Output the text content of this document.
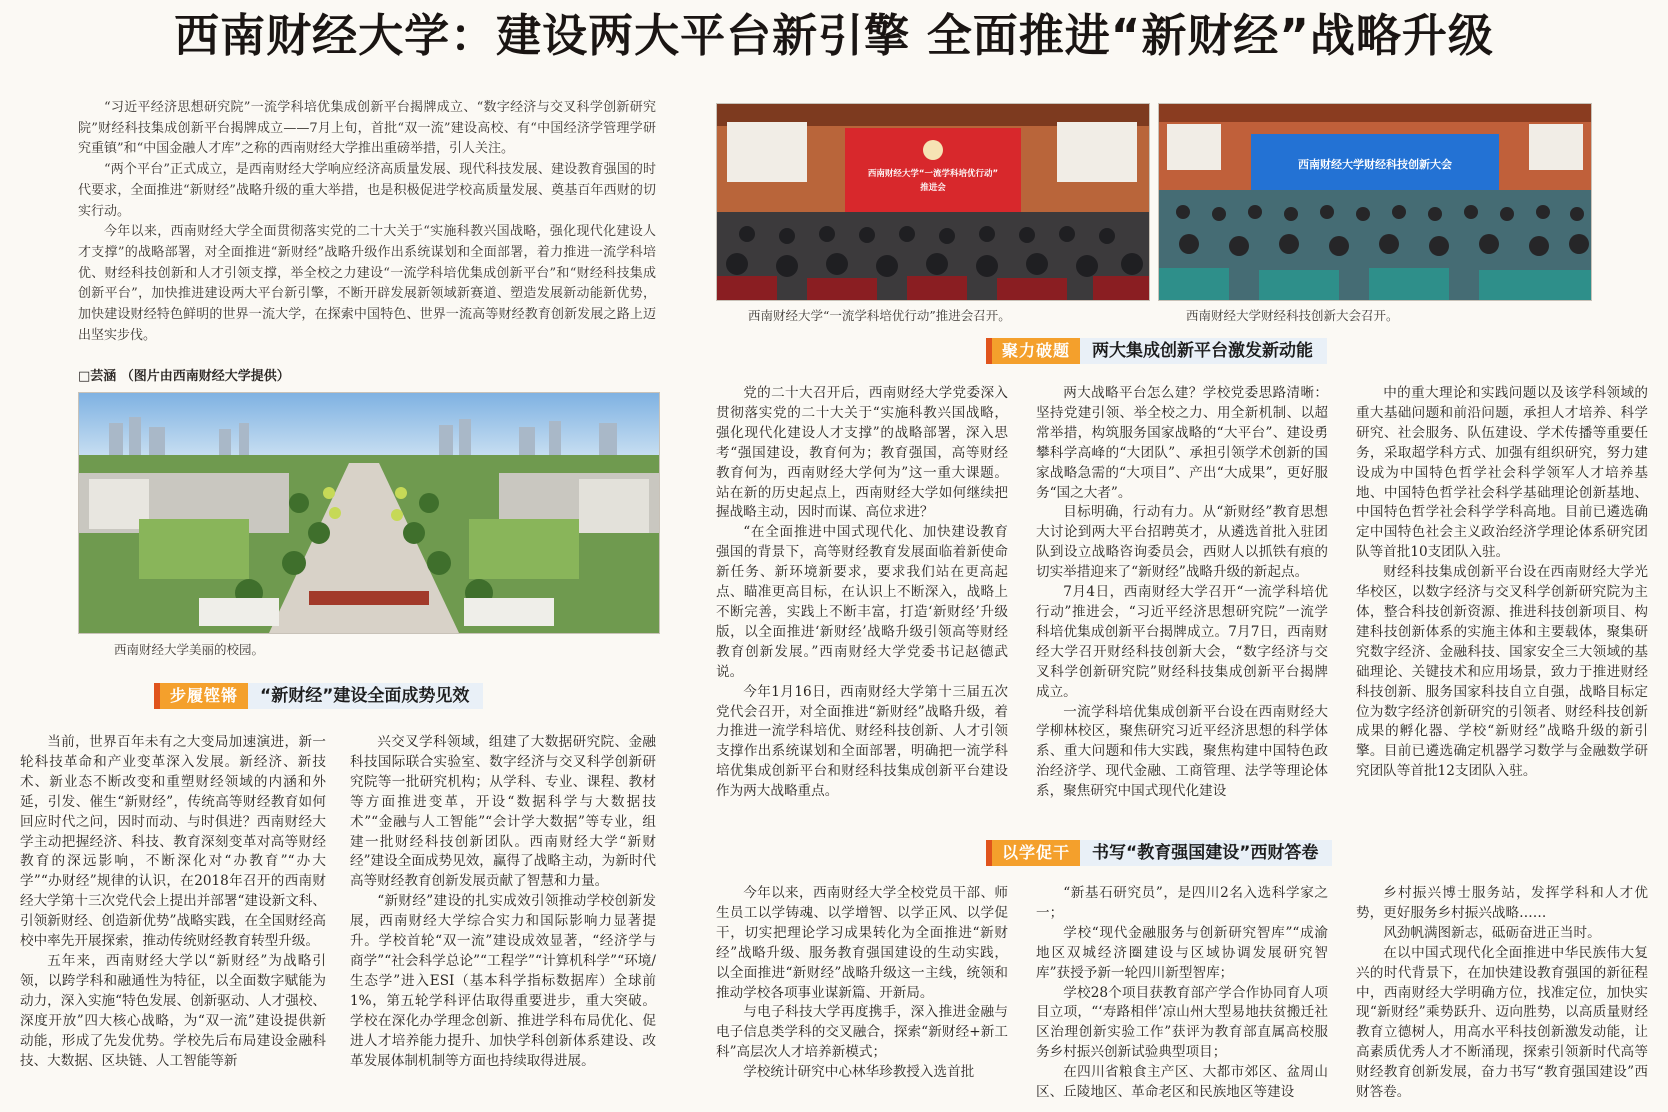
西南财经大学：建设两大平台新引擎 全面推进“新财经”战略升级

“习近平经济思想研究院”一流学科培优集成创新平台揭牌成立、“数字经济与交叉科学创新研究院”财经科技集成创新平台揭牌成立——7月上旬，首批“双一流”建设高校、有“中国经济学管理学研究重镇”和“中国金融人才库”之称的西南财经大学推出重磅举措，引人关注。

“两个平台”正式成立，是西南财经大学响应经济高质量发展、现代科技发展、建设教育强国的时代要求，全面推进“新财经”战略升级的重大举措，也是积极促进学校高质量发展、奠基百年西财的切实行动。

今年以来，西南财经大学全面贯彻落实党的二十大关于“实施科教兴国战略，强化现代化建设人才支撑”的战略部署，对全面推进“新财经”战略升级作出系统谋划和全面部署，着力推进一流学科培优、财经科技创新和人才引领支撑，举全校之力建设“一流学科培优集成创新平台”和“财经科技集成创新平台”，加快推进建设两大平台新引擎，不断开辟发展新领域新赛道、塑造发展新动能新优势，加快建设财经特色鲜明的世界一流大学，在探索中国特色、世界一流高等财经教育创新发展之路上迈出坚实步伐。

□芸涵 （图片由西南财经大学提供）
西南财经大学美丽的校园。
西南财经大学“一流学科培优行动”
推进会
西南财经大学财经科技创新大会
西南财经大学“一流学科培优行动”推进会召开。	西南财经大学财经科技创新大会召开。
步履铿锵	“新财经”建设全面成势见效
聚力破题	两大集成创新平台激发新动能
以学促干	书写“教育强国建设”西财答卷

当前，世界百年未有之大变局加速演进，新一轮科技革命和产业变革深入发展。新经济、新技术、新业态不断改变和重塑财经领域的内涵和外延，引发、催生“新财经”，传统高等财经教育如何回应时代之问，因时而动、与时俱进？西南财经大学主动把握经济、科技、教育深刻变革对高等财经教育的深远影响，不断深化对“办教育”“办大学”“办财经”规律的认识，在2018年召开的西南财经大学第十三次党代会上提出并部署“建设新文科、引领新财经、创造新优势”战略实践，在全国财经高校中率先开展探索，推动传统财经教育转型升级。

五年来，西南财经大学以“新财经”为战略引领，以跨学科和融通性为特征，以全面数字赋能为动力，深入实施“特色发展、创新驱动、人才强校、深度开放”四大核心战略，为“双一流”建设提供新动能，形成了先发优势。学校先后布局建设金融科技、大数据、区块链、人工智能等新

兴交叉学科领域，组建了大数据研究院、金融科技国际联合实验室、数字经济与交叉科学创新研究院等一批研究机构；从学科、专业、课程、教材等方面推进变革，开设“数据科学与大数据技术”“金融与人工智能”“会计学大数据”等专业，组建一批财经科技创新团队。西南财经大学“新财经”建设全面成势见效，赢得了战略主动，为新时代高等财经教育创新发展贡献了智慧和力量。

“新财经”建设的扎实成效引领推动学校创新发展，西南财经大学综合实力和国际影响力显著提升。学校首轮“双一流”建设成效显著，“经济学与商学”“社会科学总论”“工程学”“计算机科学”“环境/生态学”进入ESI（基本科学指标数据库）全球前1%，第五轮学科评估取得重要进步，重大突破。学校在深化办学理念创新、推进学科布局优化、促进人才培养能力提升、加快学科创新体系建设、改革发展体制机制等方面也持续取得进展。

党的二十大召开后，西南财经大学党委深入贯彻落实党的二十大关于“实施科教兴国战略，强化现代化建设人才支撑”的战略部署，深入思考“强国建设，教育何为；教育强国，高等财经教育何为，西南财经大学何为”这一重大课题。站在新的历史起点上，西南财经大学如何继续把握战略主动，因时而谋、高位求进？

“在全面推进中国式现代化、加快建设教育强国的背景下，高等财经教育发展面临着新使命新任务、新环境新要求，要求我们站在更高起点、瞄准更高目标，在认识上不断深入，战略上不断完善，实践上不断丰富，打造‘新财经’升级版，以全面推进‘新财经’战略升级引领高等财经教育创新发展。”西南财经大学党委书记赵德武说。

今年1月16日，西南财经大学第十三届五次党代会召开，对全面推进“新财经”战略升级，着力推进一流学科培优、财经科技创新、人才引领支撑作出系统谋划和全面部署，明确把一流学科培优集成创新平台和财经科技集成创新平台建设作为两大战略重点。

两大战略平台怎么建？学校党委思路清晰：坚持党建引领、举全校之力、用全新机制、以超常举措，构筑服务国家战略的“大平台”、建设勇攀科学高峰的“大团队”、承担引领学术创新的国家战略急需的“大项目”、产出“大成果”，更好服务“国之大者”。

目标明确，行动有力。从“新财经”教育思想大讨论到两大平台招聘英才，从遴选首批入驻团队到设立战略咨询委员会，西财人以抓铁有痕的切实举措迎来了“新财经”战略升级的新起点。

7月4日，西南财经大学召开“一流学科培优行动”推进会，“习近平经济思想研究院”一流学科培优集成创新平台揭牌成立。7月7日，西南财经大学召开财经科技创新大会，“数字经济与交叉科学创新研究院”财经科技集成创新平台揭牌成立。

一流学科培优集成创新平台设在西南财经大学柳林校区，聚焦研究习近平经济思想的科学体系、重大问题和伟大实践，聚焦构建中国特色政治经济学、现代金融、工商管理、法学等理论体系，聚焦研究中国式现代化建设

中的重大理论和实践问题以及该学科领域的重大基础问题和前沿问题，承担人才培养、科学研究、社会服务、队伍建设、学术传播等重要任务，采取超学科方式、加强有组织研究，努力建设成为中国特色哲学社会科学领军人才培养基地、中国特色哲学社会科学基础理论创新基地、中国特色哲学社会科学学科高地。目前已遴选确定中国特色社会主义政治经济学理论体系研究团队等首批10支团队入驻。

财经科技集成创新平台设在西南财经大学光华校区，以数字经济与交叉科学创新研究院为主体，整合科技创新资源、推进科技创新项目、构建科技创新体系的实施主体和主要载体，聚集研究数字经济、金融科技、国家安全三大领域的基础理论、关键技术和应用场景，致力于推进财经科技创新、服务国家科技自立自强，战略目标定位为数字经济创新研究的引领者、财经科技创新成果的孵化器、学校“新财经”战略升级的新引擎。目前已遴选确定机器学习数学与金融数学研究团队等首批12支团队入驻。

今年以来，西南财经大学全校党员干部、师生员工以学铸魂、以学增智、以学正风、以学促干，切实把理论学习成果转化为全面推进“新财经”战略升级、服务教育强国建设的生动实践，以全面推进“新财经”战略升级这一主线，统领和推动学校各项事业谋新篇、开新局。

与电子科技大学再度携手，深入推进金融与电子信息类学科的交叉融合，探索“新财经+新工科”高层次人才培养新模式；

学校统计研究中心林华珍教授入选首批

“新基石研究员”，是四川2名入选科学家之一；

学校“现代金融服务与创新研究智库”“成渝地区双城经济圈建设与区域协调发展研究智库”获授予新一轮四川新型智库；

学校28个项目获教育部产学合作协同育人项目立项，“‘寿路相伴’凉山州大型易地扶贫搬迁社区治理创新实验工作”获评为教育部直属高校服务乡村振兴创新试验典型项目；

在四川省粮食主产区、大都市郊区、盆周山区、丘陵地区、革命老区和民族地区等建设

乡村振兴博士服务站，发挥学科和人才优势，更好服务乡村振兴战略……

风劲帆满图新志，砥砺奋进正当时。

在以中国式现代化全面推进中华民族伟大复兴的时代背景下，在加快建设教育强国的新征程中，西南财经大学明确方位，找准定位，加快实现“新财经”乘势跃升、迈向胜势，以高质量财经教育立德树人，用高水平科技创新激发动能，让高素质优秀人才不断涌现，探索引领新时代高等财经教育创新发展，奋力书写“教育强国建设”西财答卷。
